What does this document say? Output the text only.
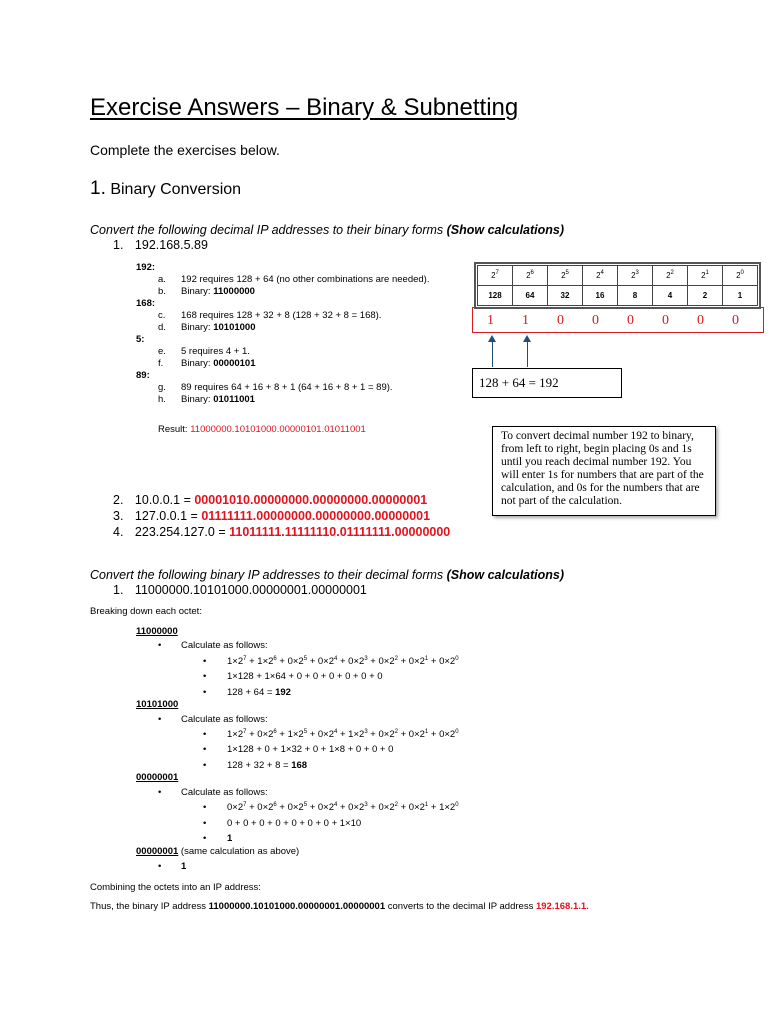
Exercise Answers – Binary & Subnetting
Complete the exercises below.
1. Binary Conversion
Convert the following decimal IP addresses to their binary forms (Show calculations)
1. 192.168.5.89
192:
a. 192 requires 128 + 64 (no other combinations are needed).
b. Binary: 11000000
168:
c. 168 requires 128 + 32 + 8 (128 + 32 + 8 = 168).
d. Binary: 10101000
5:
e. 5 requires 4 + 1.
f. Binary: 00000101
89:
g. 89 requires 64 + 16 + 8 + 1 (64 + 16 + 8 + 1 = 89).
h. Binary: 01011001
Result: 11000000.10101000.00000101.01011001
$2^7$	$2^6$	$2^5$	$2^4$	$2^3$	$2^2$	$2^1$	$2^0$
128	64	32	16	8	4	2	1
1 1 0 0 0 0 0 0
128 + 64 = 192
To convert decimal number 192 to binary, from left to right, begin placing 0s and 1s until you reach decimal number 192. You will enter 1s for numbers that are part of the calculation, and 0s for the numbers that are not part of the calculation.
2. 10.0.0.1 = 00001010.00000000.00000000.00000001
3. 127.0.0.1 = 01111111.00000000.00000000.00000001
4. 223.254.127.0 = 11011111.11111110.01111111.00000000
Convert the following binary IP addresses to their decimal forms (Show calculations)
1. 11000000.10101000.00000001.00000001
Breaking down each octet:
11000000
• Calculate as follows:
• $1\times 2^7 + 1\times 2^6 + 0\times 2^5 + 0\times 2^4 + 0\times 2^3 + 0\times 2^2 + 0\times 2^1 + 0\times 2^0$
• 1×128 + 1×64 + 0 + 0 + 0 + 0 + 0 + 0
• 128 + 64 = 192
10101000
• Calculate as follows:
• $1\times 2^7 + 0\times 2^6 + 1\times 2^5 + 0\times 2^4 + 1\times 2^3 + 0\times 2^2 + 0\times 2^1 + 0\times 2^0$
• 1×128 + 0 + 1×32 + 0 + 1×8 + 0 + 0 + 0
• 128 + 32 + 8 = 168
00000001
• Calculate as follows:
• $0\times 2^7 + 0\times 2^6 + 0\times 2^5 + 0\times 2^4 + 0\times 2^3 + 0\times 2^2 + 0\times 2^1 + 1\times 2^0$
• 0 + 0 + 0 + 0 + 0 + 0 + 0 + 1×10
• 1
00000001 (same calculation as above)
• 1
Combining the octets into an IP address:
Thus, the binary IP address 11000000.10101000.00000001.00000001 converts to the decimal IP address 192.168.1.1.
